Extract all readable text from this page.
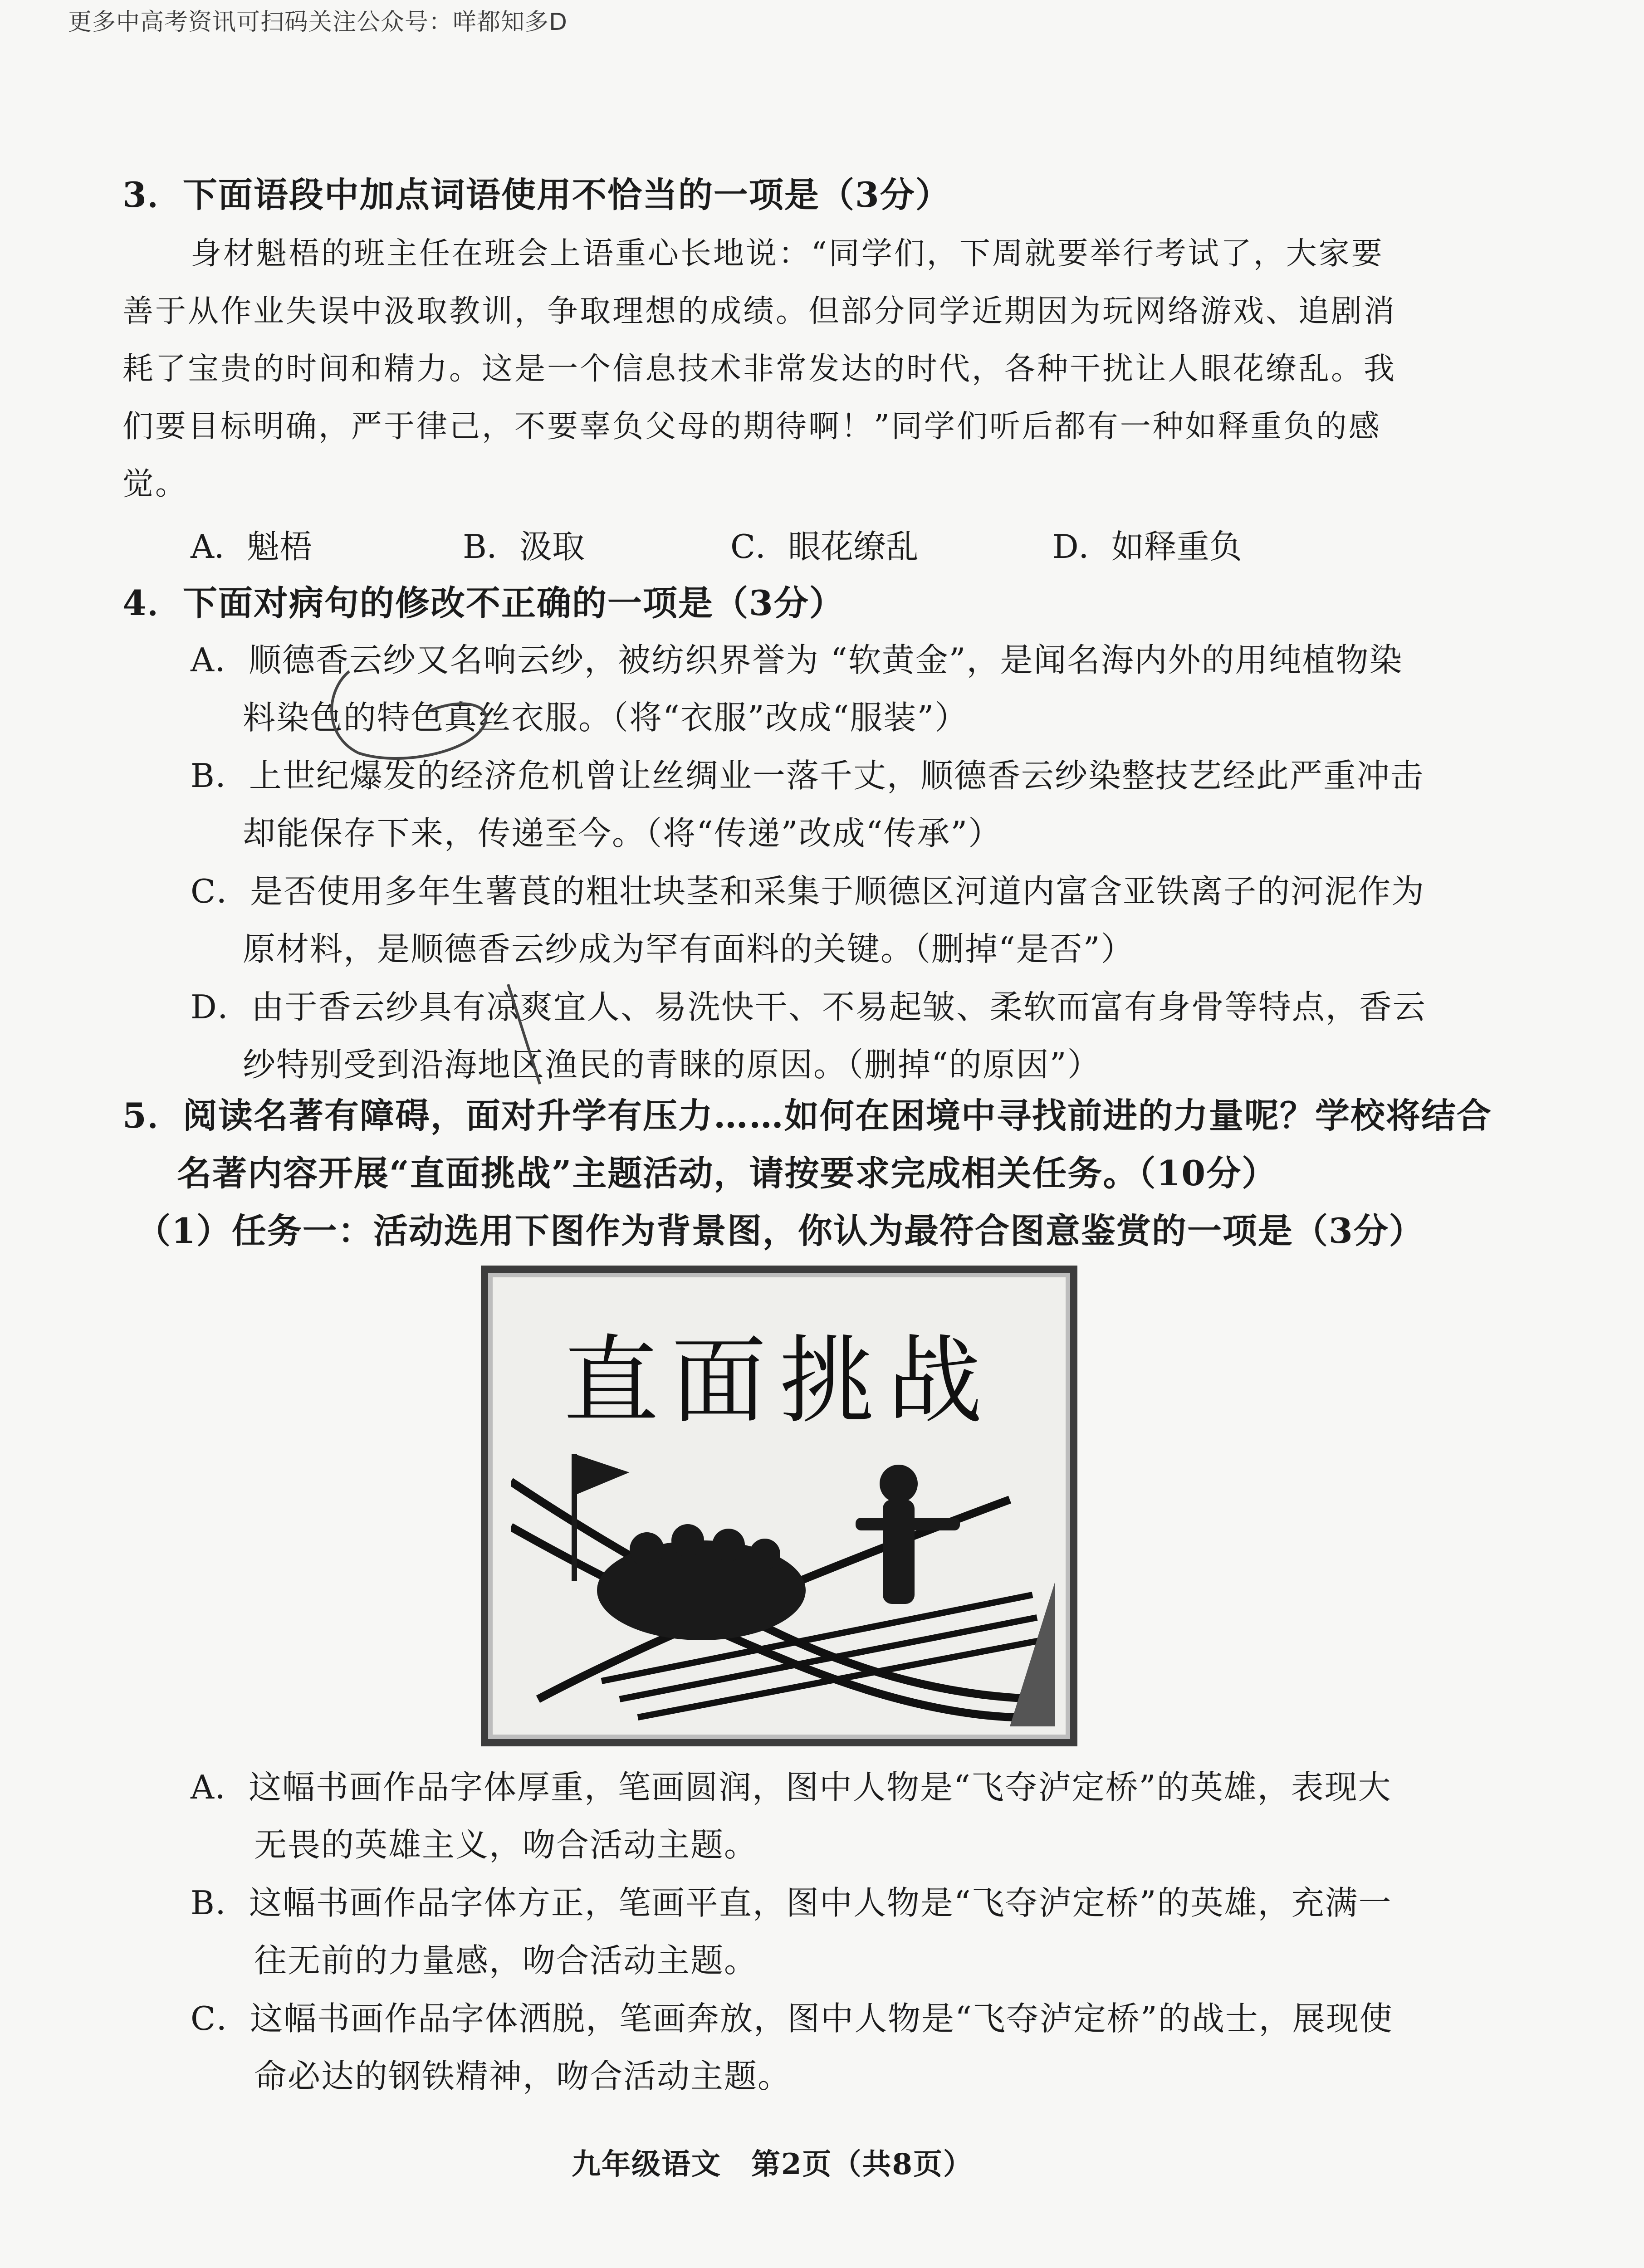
更多中高考资讯可扫码关注公众号：咩都知多D
3．下面语段中加点词语使用不恰当的一项是（3分）
身材魁梧的班主任在班会上语重心长地说：“同学们，下周就要举行考试了，大家要
善于从作业失误中汲取教训，争取理想的成绩。但部分同学近期因为玩网络游戏、追剧消
耗了宝贵的时间和精力。这是一个信息技术非常发达的时代，各种干扰让人眼花缭乱。我
们要目标明确，严于律己，不要辜负父母的期待啊！”同学们听后都有一种如释重负的感
觉。
A．魁梧	B．汲取	C．眼花缭乱	D．如释重负
4．下面对病句的修改不正确的一项是（3分）
A．顺德香云纱又名响云纱，被纺织界誉为 “软黄金”，是闻名海内外的用纯植物染
料染色的特色真丝衣服。（将“衣服”改成“服装”）
B．上世纪爆发的经济危机曾让丝绸业一落千丈，顺德香云纱染整技艺经此严重冲击
却能保存下来，传递至今。（将“传递”改成“传承”）
C．是否使用多年生薯莨的粗壮块茎和采集于顺德区河道内富含亚铁离子的河泥作为
原材料，是顺德香云纱成为罕有面料的关键。（删掉“是否”）
D．由于香云纱具有凉爽宜人、易洗快干、不易起皱、柔软而富有身骨等特点，香云
纱特别受到沿海地区渔民的青睐的原因。（删掉“的原因”）
5．阅读名著有障碍，面对升学有压力……如何在困境中寻找前进的力量呢？学校将结合
名著内容开展“直面挑战”主题活动，请按要求完成相关任务。（10分）
（1）任务一：活动选用下图作为背景图，你认为最符合图意鉴赏的一项是（3分）
直面挑战
A．这幅书画作品字体厚重，笔画圆润，图中人物是“飞夺泸定桥”的英雄，表现大
无畏的英雄主义，吻合活动主题。
B．这幅书画作品字体方正，笔画平直，图中人物是“飞夺泸定桥”的英雄，充满一
往无前的力量感，吻合活动主题。
C．这幅书画作品字体洒脱，笔画奔放，图中人物是“飞夺泸定桥”的战士，展现使
命必达的钢铁精神，吻合活动主题。
九年级语文　第2页（共8页）
